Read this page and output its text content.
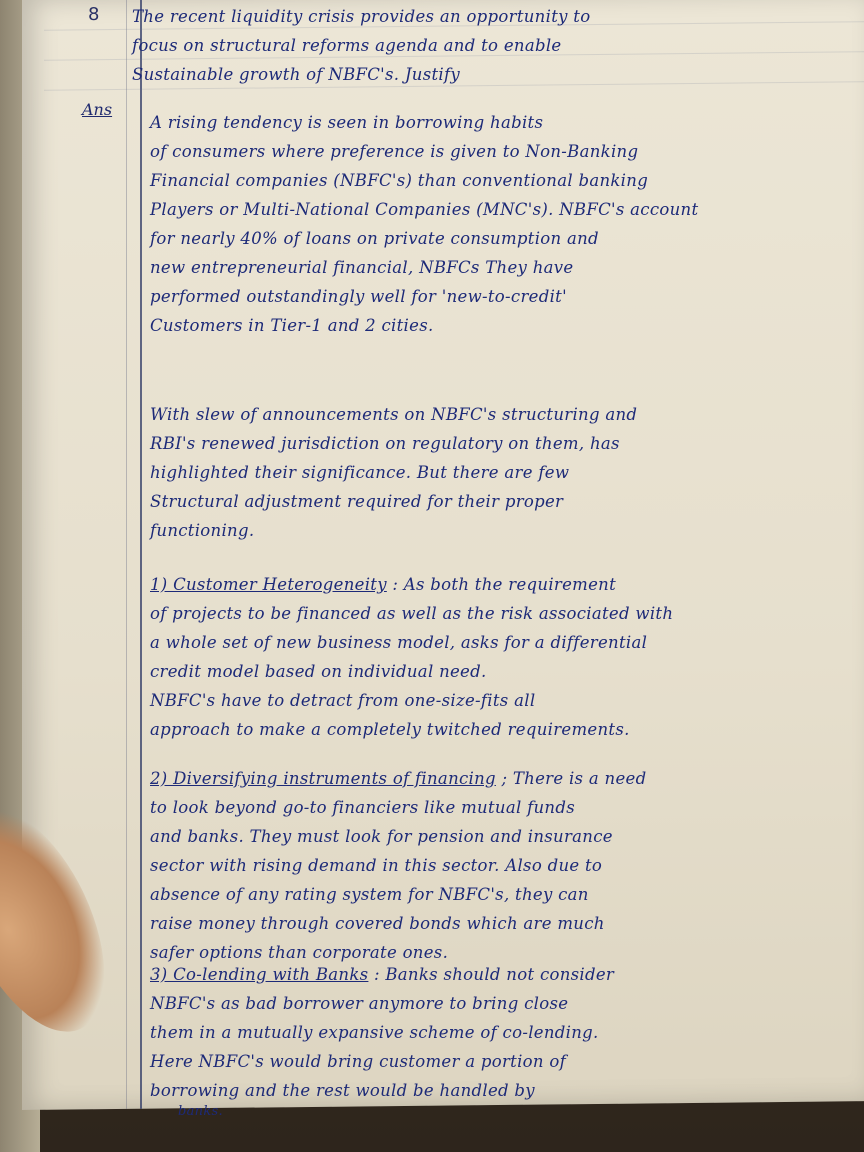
8 The recent liquidity crisis provides an opportunity to
focus on structural reforms agenda and to enable
Sustainable growth of NBFC's. Justify
Ans
A rising tendency is seen in borrowing habits
of consumers where preference is given to Non-Banking
Financial companies (NBFC's) than conventional banking
Players or Multi-National Companies (MNC's). NBFC's account
for nearly 40% of loans on private consumption and
new entrepreneurial financial, NBFCs They have
performed outstandingly well for 'new-to-credit'
Customers in Tier-1 and 2 cities.
With slew of announcements on NBFC's structuring and
RBI's renewed jurisdiction on regulatory on them, has
highlighted their significance. But there are few
Structural adjustment required for their proper
functioning.
1) Customer Heterogeneity : As both the requirement
of projects to be financed as well as the risk associated with
a whole set of new business model, asks for a differential
credit model based on individual need.
NBFC's have to detract from one-size-fits all
approach to make a completely twitched requirements.
2) Diversifying instruments of financing ; There is a need
to look beyond go-to financiers like mutual funds
and banks. They must look for pension and insurance
sector with rising demand in this sector. Also due to
absence of any rating system for NBFC's, they can
raise money through covered bonds which are much
safer options than corporate ones.
3) Co-lending with Banks : Banks should not consider
NBFC's as bad borrower anymore to bring close
them in a mutually expansive scheme of co-lending.
Here NBFC's would bring customer a portion of
borrowing and the rest would be handled by
banks.
